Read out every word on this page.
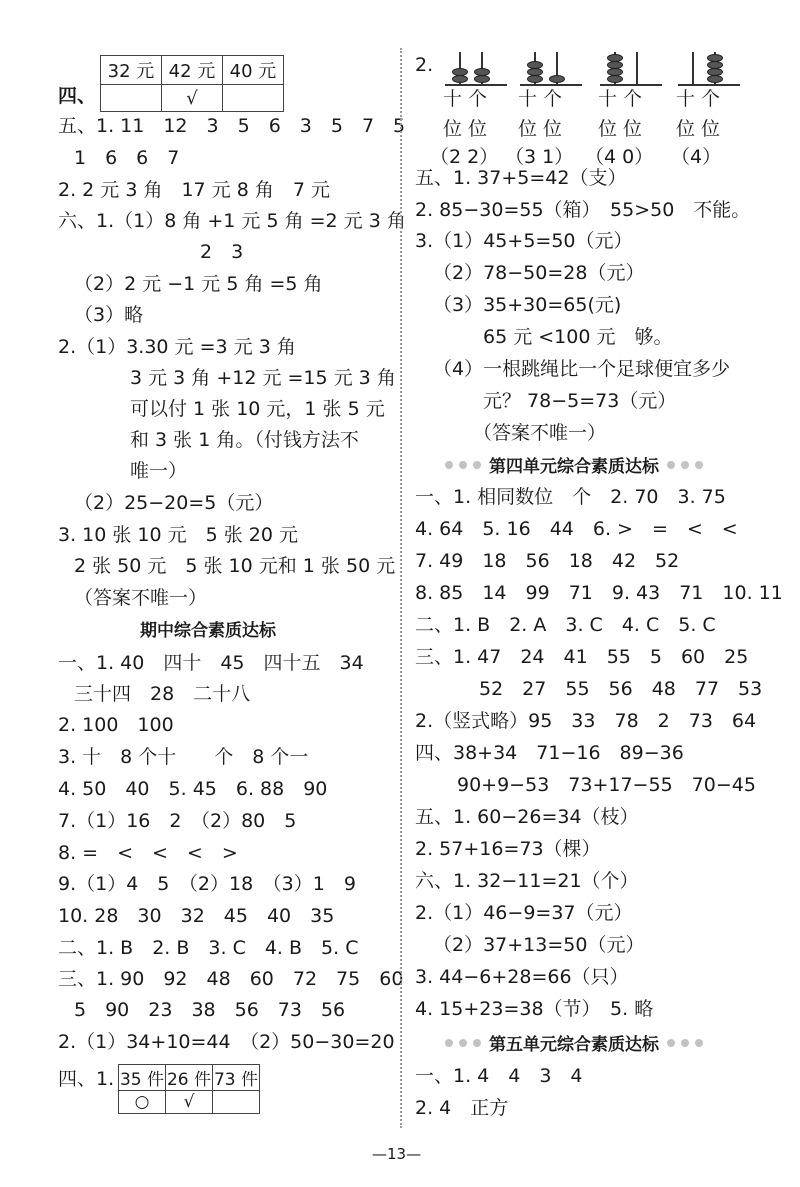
四、
32 元	42 元	40 元
	√	
五、1. 11　12　3　5　6　3　5　7　5
1　6　6　7
2. 2 元 3 角　17 元 8 角　7 元
六、1.（1）8 角 +1 元 5 角 =2 元 3 角
2　3
（2）2 元 −1 元 5 角 =5 角
（3）略
2.（1）3.30 元 =3 元 3 角
3 元 3 角 +12 元 =15 元 3 角
可以付 1 张 10 元，1 张 5 元
和 3 张 1 角。（付钱方法不
唯一）
（2）25−20=5（元）
3. 10 张 10 元　5 张 20 元
2 张 50 元　5 张 10 元和 1 张 50 元
（答案不唯一）
期中综合素质达标
一、1. 40　四十　45　四十五　34
三十四　28　二十八
2. 100　100
3. 十　8 个十　　个　8 个一
4. 50　40　5. 45　6. 88　90
7.（1）16　2　（2）80　5
8. =　<　<　<　>
9.（1）4　5　（2）18　（3）1　9
10. 28　30　32　45　40　35
二、1. B　2. B　3. C　4. B　5. C
三、1. 90　92　48　60　72　75　60
5　90　23　38　56　73　56
2.（1）34+10=44　（2）50−30=20
四、1. 35 件	26 件	73 件
○	√	
2.
十 个
位 位
（2 2）
十 个
位 位
（3 1）
十 个
位 位
（4 0）
十 个
位 位
（4）
五、1. 37+5=42（支）
2. 85−30=55（箱）　55>50　不能。
3.（1）45+5=50（元）
（2）78−50=28（元）
（3）35+30=65(元)
65 元 <100 元　够。
（4）一根跳绳比一个足球便宜多少
元？ 78−5=73（元）
（答案不唯一）
第四单元综合素质达标
一、1. 相同数位　个　2. 70　3. 75
4. 64　5. 16　44　6. >　=　<　<
7. 49　18　56　18　42　52
8. 85　14　99　71　9. 43　71　10. 11
二、1. B　2. A　3. C　4. C　5. C
三、1. 47　24　41　55　5　60　25
52　27　55　56　48　77　53
2.（竖式略）95　33　78　2　73　64
四、38+34　71−16　89−36
90+9−53　73+17−55　70−45
五、1. 60−26=34（枝）
2. 57+16=73（棵）
六、1. 32−11=21（个）
2.（1）46−9=37（元）
（2）37+13=50（元）
3. 44−6+28=66（只）
4. 15+23=38（节）　5. 略
第五单元综合素质达标
一、1. 4　4　3　4
2. 4　正方
—13—
